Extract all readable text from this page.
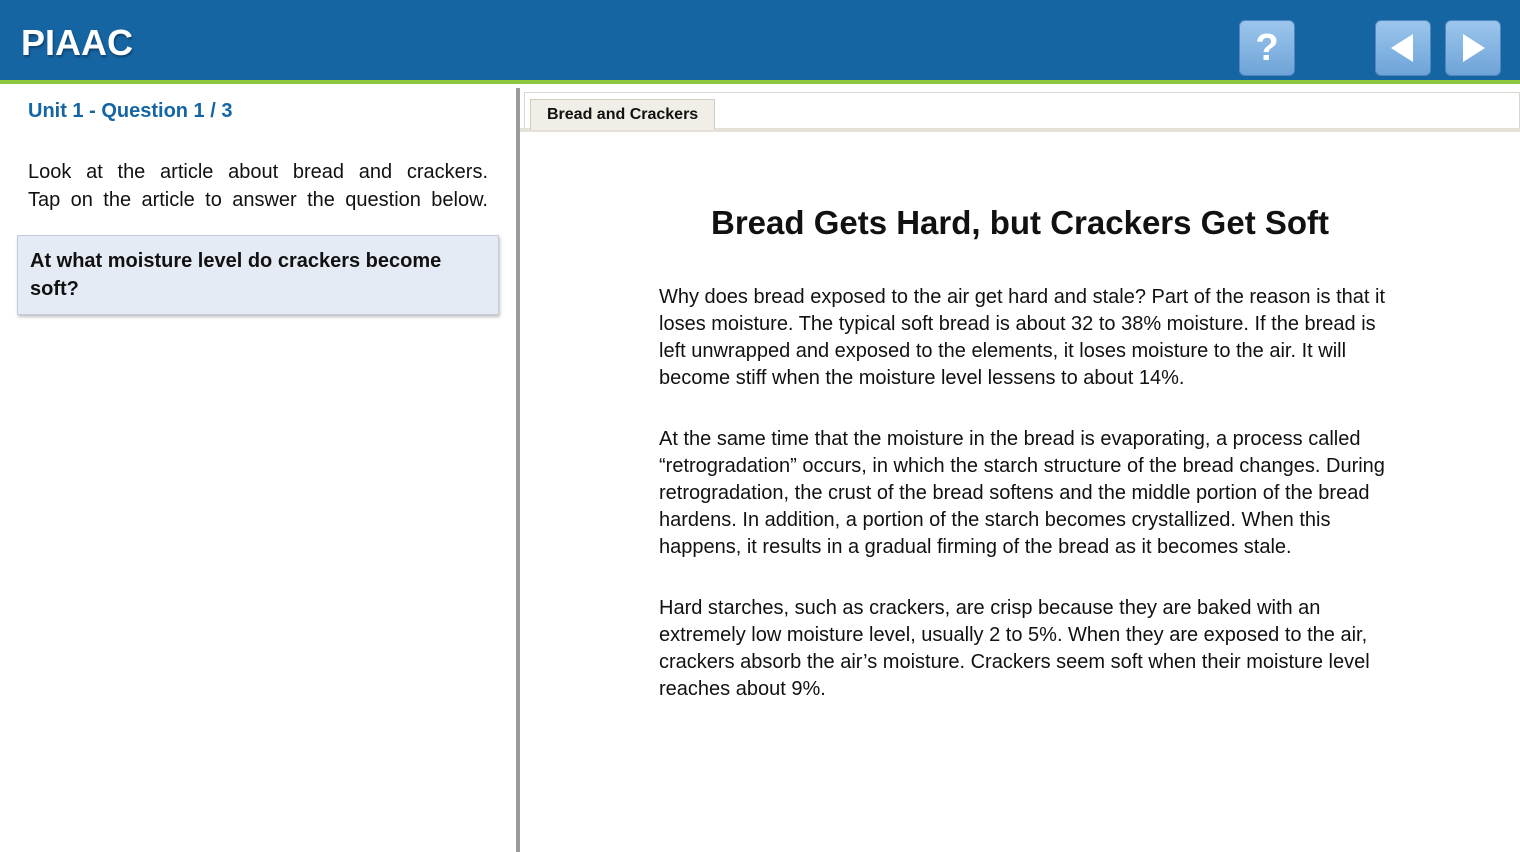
PIAAC	?
Unit 1 - Question 1 / 3
Look at the article about bread and crackers.
Tap on the article to answer the question below.
At what moisture level do crackers become soft?
Bread and Crackers
Bread Gets Hard, but Crackers Get Soft

Why does bread exposed to the air get hard and stale? Part of the reason is that it loses moisture. The typical soft bread is about 32 to 38% moisture. If the bread is left unwrapped and exposed to the elements, it loses moisture to the air. It will become stiff when the moisture level lessens to about 14%.

At the same time that the moisture in the bread is evaporating, a process called “retrogradation” occurs, in which the starch structure of the bread changes. During retrogradation, the crust of the bread softens and the middle portion of the bread hardens. In addition, a portion of the starch becomes crystallized. When this happens, it results in a gradual firming of the bread as it becomes stale.

Hard starches, such as crackers, are crisp because they are baked with an extremely low moisture level, usually 2 to 5%. When they are exposed to the air, crackers absorb the air’s moisture. Crackers seem soft when their moisture level reaches about 9%.
